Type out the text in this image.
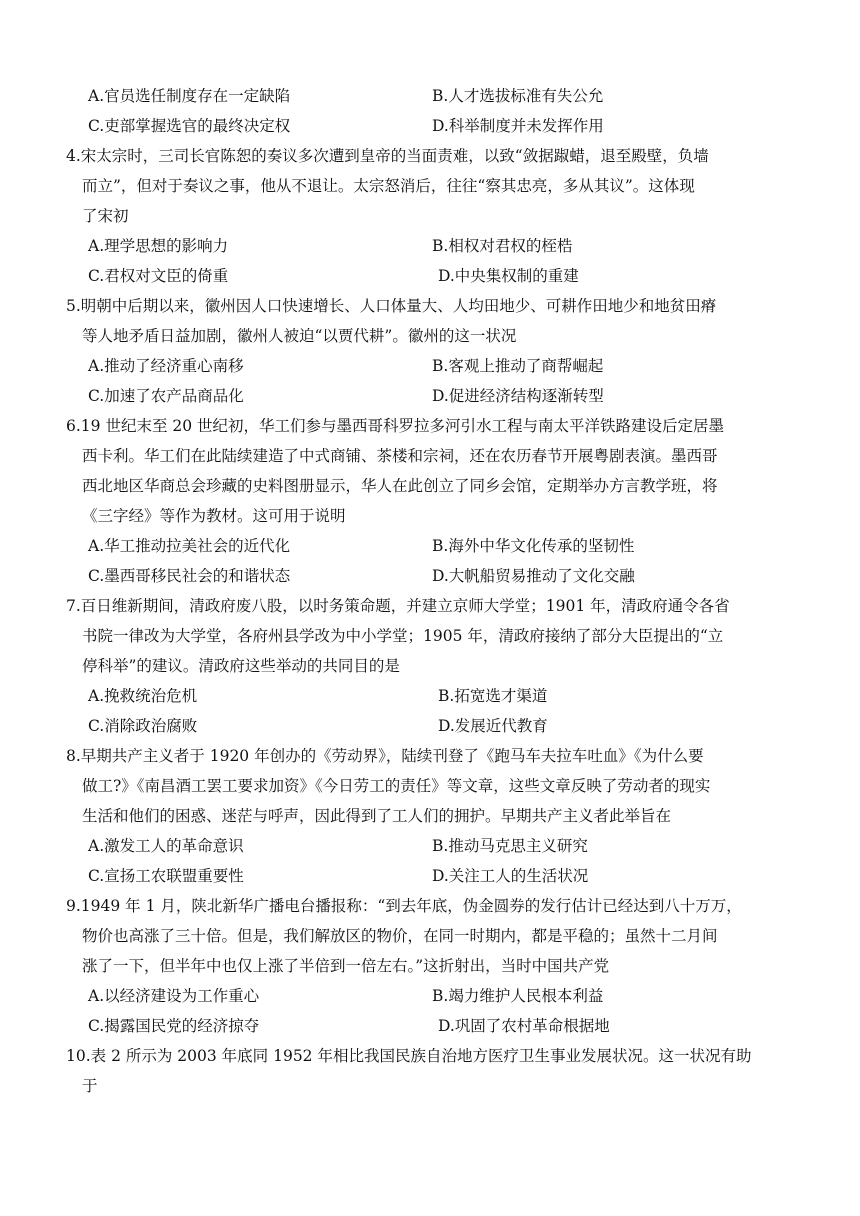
A.官员选任制度存在一定缺陷	B.人才选拔标准有失公允
C.吏部掌握选官的最终决定权	D.科举制度并未发挥作用
4.宋太宗时，三司长官陈恕的奏议多次遭到皇帝的当面责难，以致“敛据踧蜡，退至殿壁，负墙
而立”，但对于奏议之事，他从不退让。太宗怒消后，往往“察其忠亮，多从其议”。这体现
了宋初
A.理学思想的影响力	B.相权对君权的桎梏
C.君权对文臣的倚重	D.中央集权制的重建
5.明朝中后期以来，徽州因人口快速增长、人口体量大、人均田地少、可耕作田地少和地贫田瘠
等人地矛盾日益加剧，徽州人被迫“以贾代耕”。徽州的这一状况
A.推动了经济重心南移	B.客观上推动了商帮崛起
C.加速了农产品商品化	D.促进经济结构逐渐转型
6.19 世纪末至 20 世纪初，华工们参与墨西哥科罗拉多河引水工程与南太平洋铁路建设后定居墨
西卡利。华工们在此陆续建造了中式商铺、茶楼和宗祠，还在农历春节开展粤剧表演。墨西哥
西北地区华商总会珍藏的史料图册显示，华人在此创立了同乡会馆，定期举办方言教学班，将
《三字经》等作为教材。这可用于说明
A.华工推动拉美社会的近代化	B.海外中华文化传承的坚韧性
C.墨西哥移民社会的和谐状态	D.大帆船贸易推动了文化交融
7.百日维新期间，清政府废八股，以时务策命题，并建立京师大学堂；1901 年，清政府通令各省
书院一律改为大学堂，各府州县学改为中小学堂；1905 年，清政府接纳了部分大臣提出的“立
停科举”的建议。清政府这些举动的共同目的是
A.挽救统治危机	B.拓宽选才渠道
C.消除政治腐败	D.发展近代教育
8.早期共产主义者于 1920 年创办的《劳动界》，陆续刊登了《跑马车夫拉车吐血》《为什么要
做工?》《南昌酒工罢工要求加资》《今日劳工的责任》等文章，这些文章反映了劳动者的现实
生活和他们的困惑、迷茫与呼声，因此得到了工人们的拥护。早期共产主义者此举旨在
A.激发工人的革命意识	B.推动马克思主义研究
C.宣扬工农联盟重要性	D.关注工人的生活状况
9.1949 年 1 月，陕北新华广播电台播报称：“到去年底，伪金圆券的发行估计已经达到八十万万，
物价也高涨了三十倍。但是，我们解放区的物价，在同一时期内，都是平稳的；虽然十二月间
涨了一下，但半年中也仅上涨了半倍到一倍左右。”这折射出，当时中国共产党
A.以经济建设为工作重心	B.竭力维护人民根本利益
C.揭露国民党的经济掠夺	D.巩固了农村革命根据地
10.表 2 所示为 2003 年底同 1952 年相比我国民族自治地方医疗卫生事业发展状况。这一状况有助
于
